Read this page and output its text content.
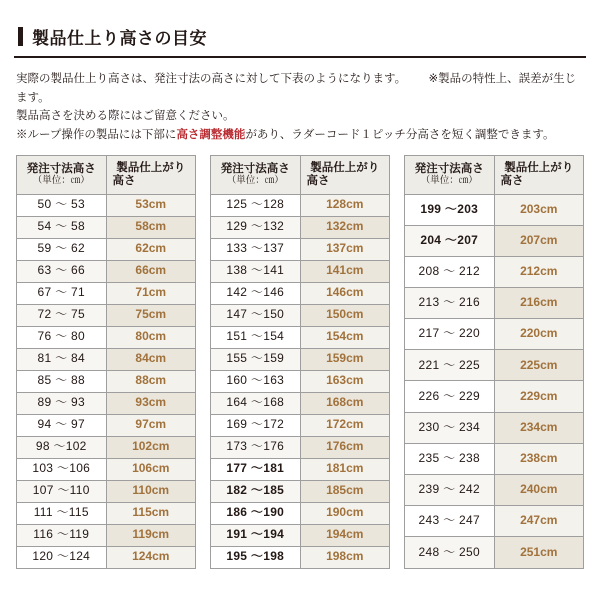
製品仕上り高さの目安

実際の製品仕上り高さは、発注寸法の高さに対して下表のようになります。 ※製品の特性上、誤差が生じます。

製品高さを決める際にはご留意ください。

※ループ操作の製品には下部に高さ調整機能があり、ラダーコード１ピッチ分高さを短く調整できます。

発注寸法高さ
（単位：㎝）	製品仕上がり
高さ

50 ～ 53	53cm
54 ～ 58	58cm
59 ～ 62	62cm
63 ～ 66	66cm
67 ～ 71	71cm
72 ～ 75	75cm
76 ～ 80	80cm
81 ～ 84	84cm
85 ～ 88	88cm
89 ～ 93	93cm
94 ～ 97	97cm
98 ～102	102cm
103 ～106	106cm
107 ～110	110cm
111 ～115	115cm
116 ～119	119cm
120 ～124	124cm
発注寸法高さ
（単位：㎝）	製品仕上がり
高さ

125 ～128	128cm
129 ～132	132cm
133 ～137	137cm
138 ～141	141cm
142 ～146	146cm
147 ～150	150cm
151 ～154	154cm
155 ～159	159cm
160 ～163	163cm
164 ～168	168cm
169 ～172	172cm
173 ～176	176cm
177 ～181	181cm
182 ～185	185cm
186 ～190	190cm
191 ～194	194cm
195 ～198	198cm
発注寸法高さ
（単位：㎝）	製品仕上がり
高さ

199 ～203	203cm
204 ～207	207cm
208 ～ 212	212cm
213 ～ 216	216cm
217 ～ 220	220cm
221 ～ 225	225cm
226 ～ 229	229cm
230 ～ 234	234cm
235 ～ 238	238cm
239 ～ 242	240cm
243 ～ 247	247cm
248 ～ 250	251cm
